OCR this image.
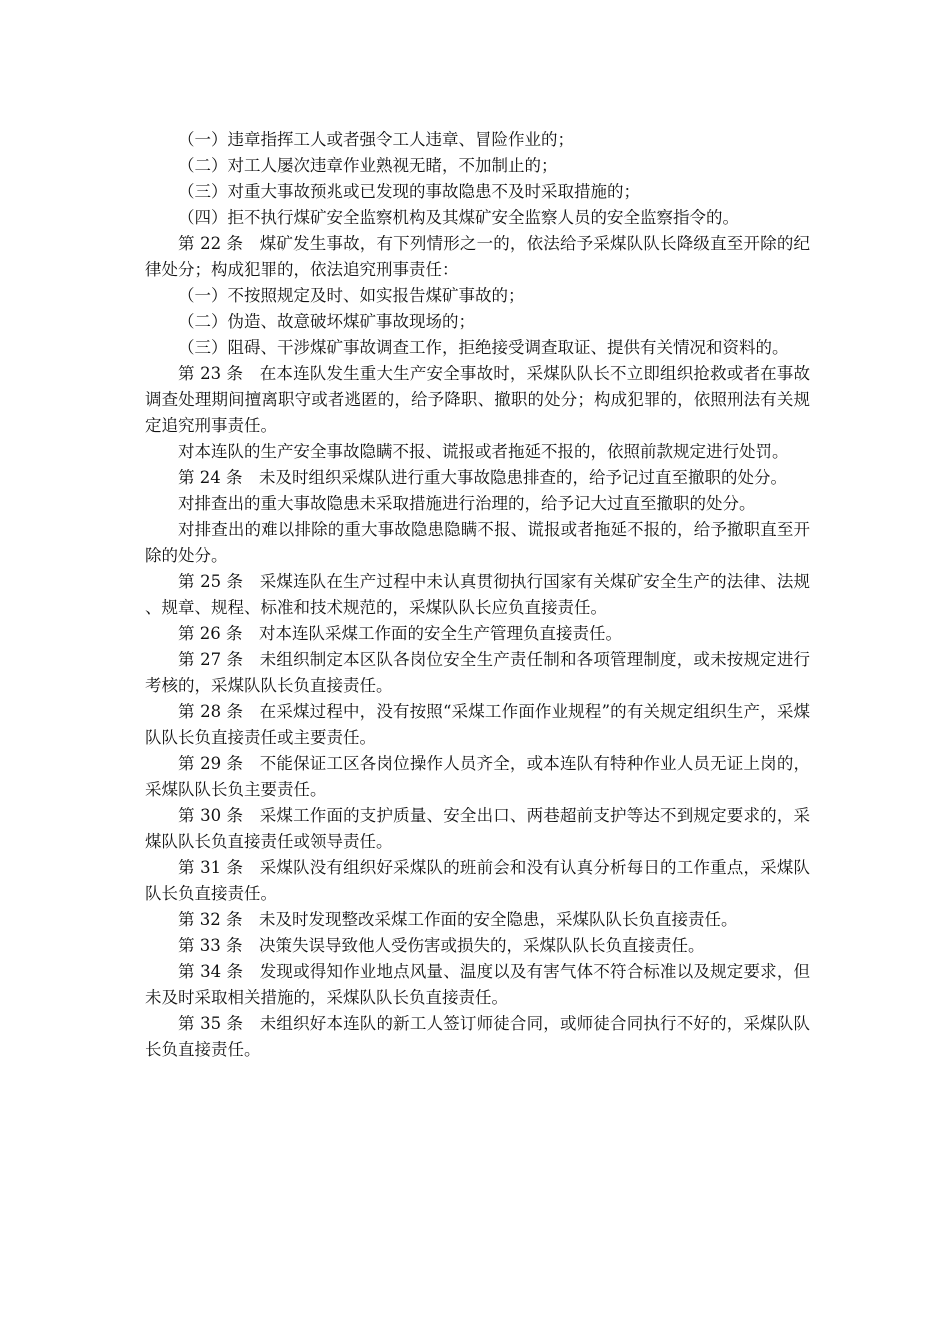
（一）违章指挥工人或者强令工人违章、冒险作业的；

（二）对工人屡次违章作业熟视无睹，不加制止的；

（三）对重大事故预兆或已发现的事故隐患不及时采取措施的；

（四）拒不执行煤矿安全监察机构及其煤矿安全监察人员的安全监察指令的。

第 22 条 煤矿发生事故，有下列情形之一的，依法给予采煤队队长降级直至开除的纪律处分；构成犯罪的，依法追究刑事责任：

（一）不按照规定及时、如实报告煤矿事故的；

（二）伪造、故意破坏煤矿事故现场的；

（三）阻碍、干涉煤矿事故调查工作，拒绝接受调查取证、提供有关情况和资料的。

第 23 条 在本连队发生重大生产安全事故时，采煤队队长不立即组织抢救或者在事故调查处理期间擅离职守或者逃匿的，给予降职、撤职的处分；构成犯罪的，依照刑法有关规定追究刑事责任。

对本连队的生产安全事故隐瞒不报、谎报或者拖延不报的，依照前款规定进行处罚。

第 24 条 未及时组织采煤队进行重大事故隐患排查的，给予记过直至撤职的处分。

对排查出的重大事故隐患未采取措施进行治理的，给予记大过直至撤职的处分。

对排查出的难以排除的重大事故隐患隐瞒不报、谎报或者拖延不报的，给予撤职直至开除的处分。

第 25 条 采煤连队在生产过程中未认真贯彻执行国家有关煤矿安全生产的法律、法规、规章、规程、标准和技术规范的，采煤队队长应负直接责任。

第 26 条 对本连队采煤工作面的安全生产管理负直接责任。

第 27 条 未组织制定本区队各岗位安全生产责任制和各项管理制度，或未按规定进行考核的，采煤队队长负直接责任。

第 28 条 在采煤过程中，没有按照“采煤工作面作业规程”的有关规定组织生产，采煤队队长负直接责任或主要责任。

第 29 条 不能保证工区各岗位操作人员齐全，或本连队有特种作业人员无证上岗的，采煤队队长负主要责任。

第 30 条 采煤工作面的支护质量、安全出口、两巷超前支护等达不到规定要求的，采煤队队长负直接责任或领导责任。

第 31 条 采煤队没有组织好采煤队的班前会和没有认真分析每日的工作重点，采煤队队长负直接责任。

第 32 条 未及时发现整改采煤工作面的安全隐患，采煤队队长负直接责任。

第 33 条 决策失误导致他人受伤害或损失的，采煤队队长负直接责任。

第 34 条 发现或得知作业地点风量、温度以及有害气体不符合标准以及规定要求，但未及时采取相关措施的，采煤队队长负直接责任。

第 35 条 未组织好本连队的新工人签订师徒合同，或师徒合同执行不好的，采煤队队长负直接责任。
